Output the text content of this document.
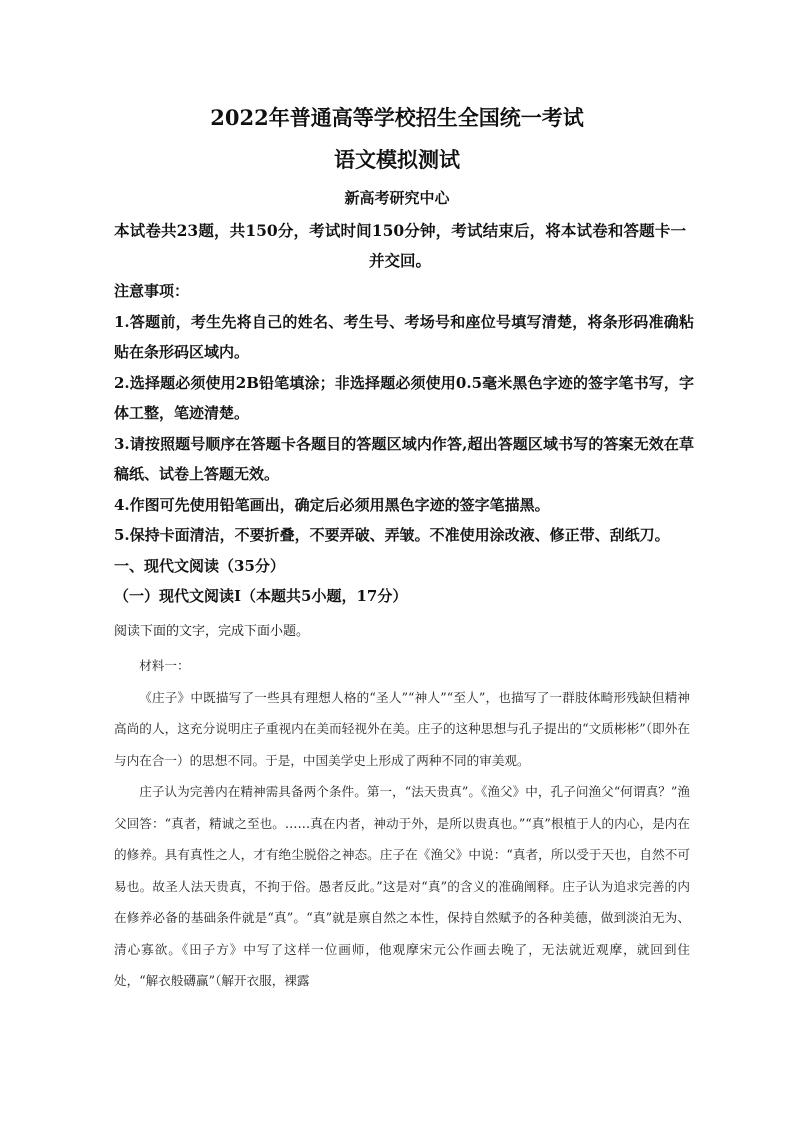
2022年普通高等学校招生全国统一考试
语文模拟测试
新高考研究中心
本试卷共23题，共150分，考试时间150分钟，考试结束后，将本试卷和答题卡一并交回。

注意事项：

1.答题前，考生先将自己的姓名、考生号、考场号和座位号填写清楚，将条形码准确粘贴在条形码区域内。

2.选择题必须使用2B铅笔填涂；非选择题必须使用0.5毫米黑色字迹的签字笔书写，字体工整，笔迹清楚。

3.请按照题号顺序在答题卡各题目的答题区域内作答,超出答题区域书写的答案无效在草稿纸、试卷上答题无效。

4.作图可先使用铅笔画出，确定后必须用黑色字迹的签字笔描黑。

5.保持卡面清洁，不要折叠，不要弄破、弄皱。不准使用涂改液、修正带、刮纸刀。

一、现代文阅读（35分）

（一）现代文阅读I（本题共5小题，17分）

阅读下面的文字，完成下面小题。

材料一：

《庄子》中既描写了一些具有理想人格的“圣人”“神人”“至人”，也描写了一群肢体畸形残缺但精神高尚的人，这充分说明庄子重视内在美而轻视外在美。庄子的这种思想与孔子提出的“文质彬彬”（即外在与内在合一）的思想不同。于是，中国美学史上形成了两种不同的审美观。

庄子认为完善内在精神需具备两个条件。第一，“法天贵真”。《渔父》中，孔子问渔父“何谓真？”渔父回答：“真者，精诚之至也。……真在内者，神动于外，是所以贵真也。”“真”根植于人的内心，是内在的修养。具有真性之人，才有绝尘脱俗之神态。庄子在《渔父》中说：“真者，所以受于天也，自然不可易也。故圣人法天贵真，不拘于俗。愚者反此。”这是对“真”的含义的准确阐释。庄子认为追求完善的内在修养必备的基础条件就是“真”。“真”就是禀自然之本性，保持自然赋予的各种美德，做到淡泊无为、清心寡欲。《田子方》中写了这样一位画师，他观摩宋元公作画去晚了，无法就近观摩，就回到住处，“解衣般礴赢”（解开衣服，裸露
